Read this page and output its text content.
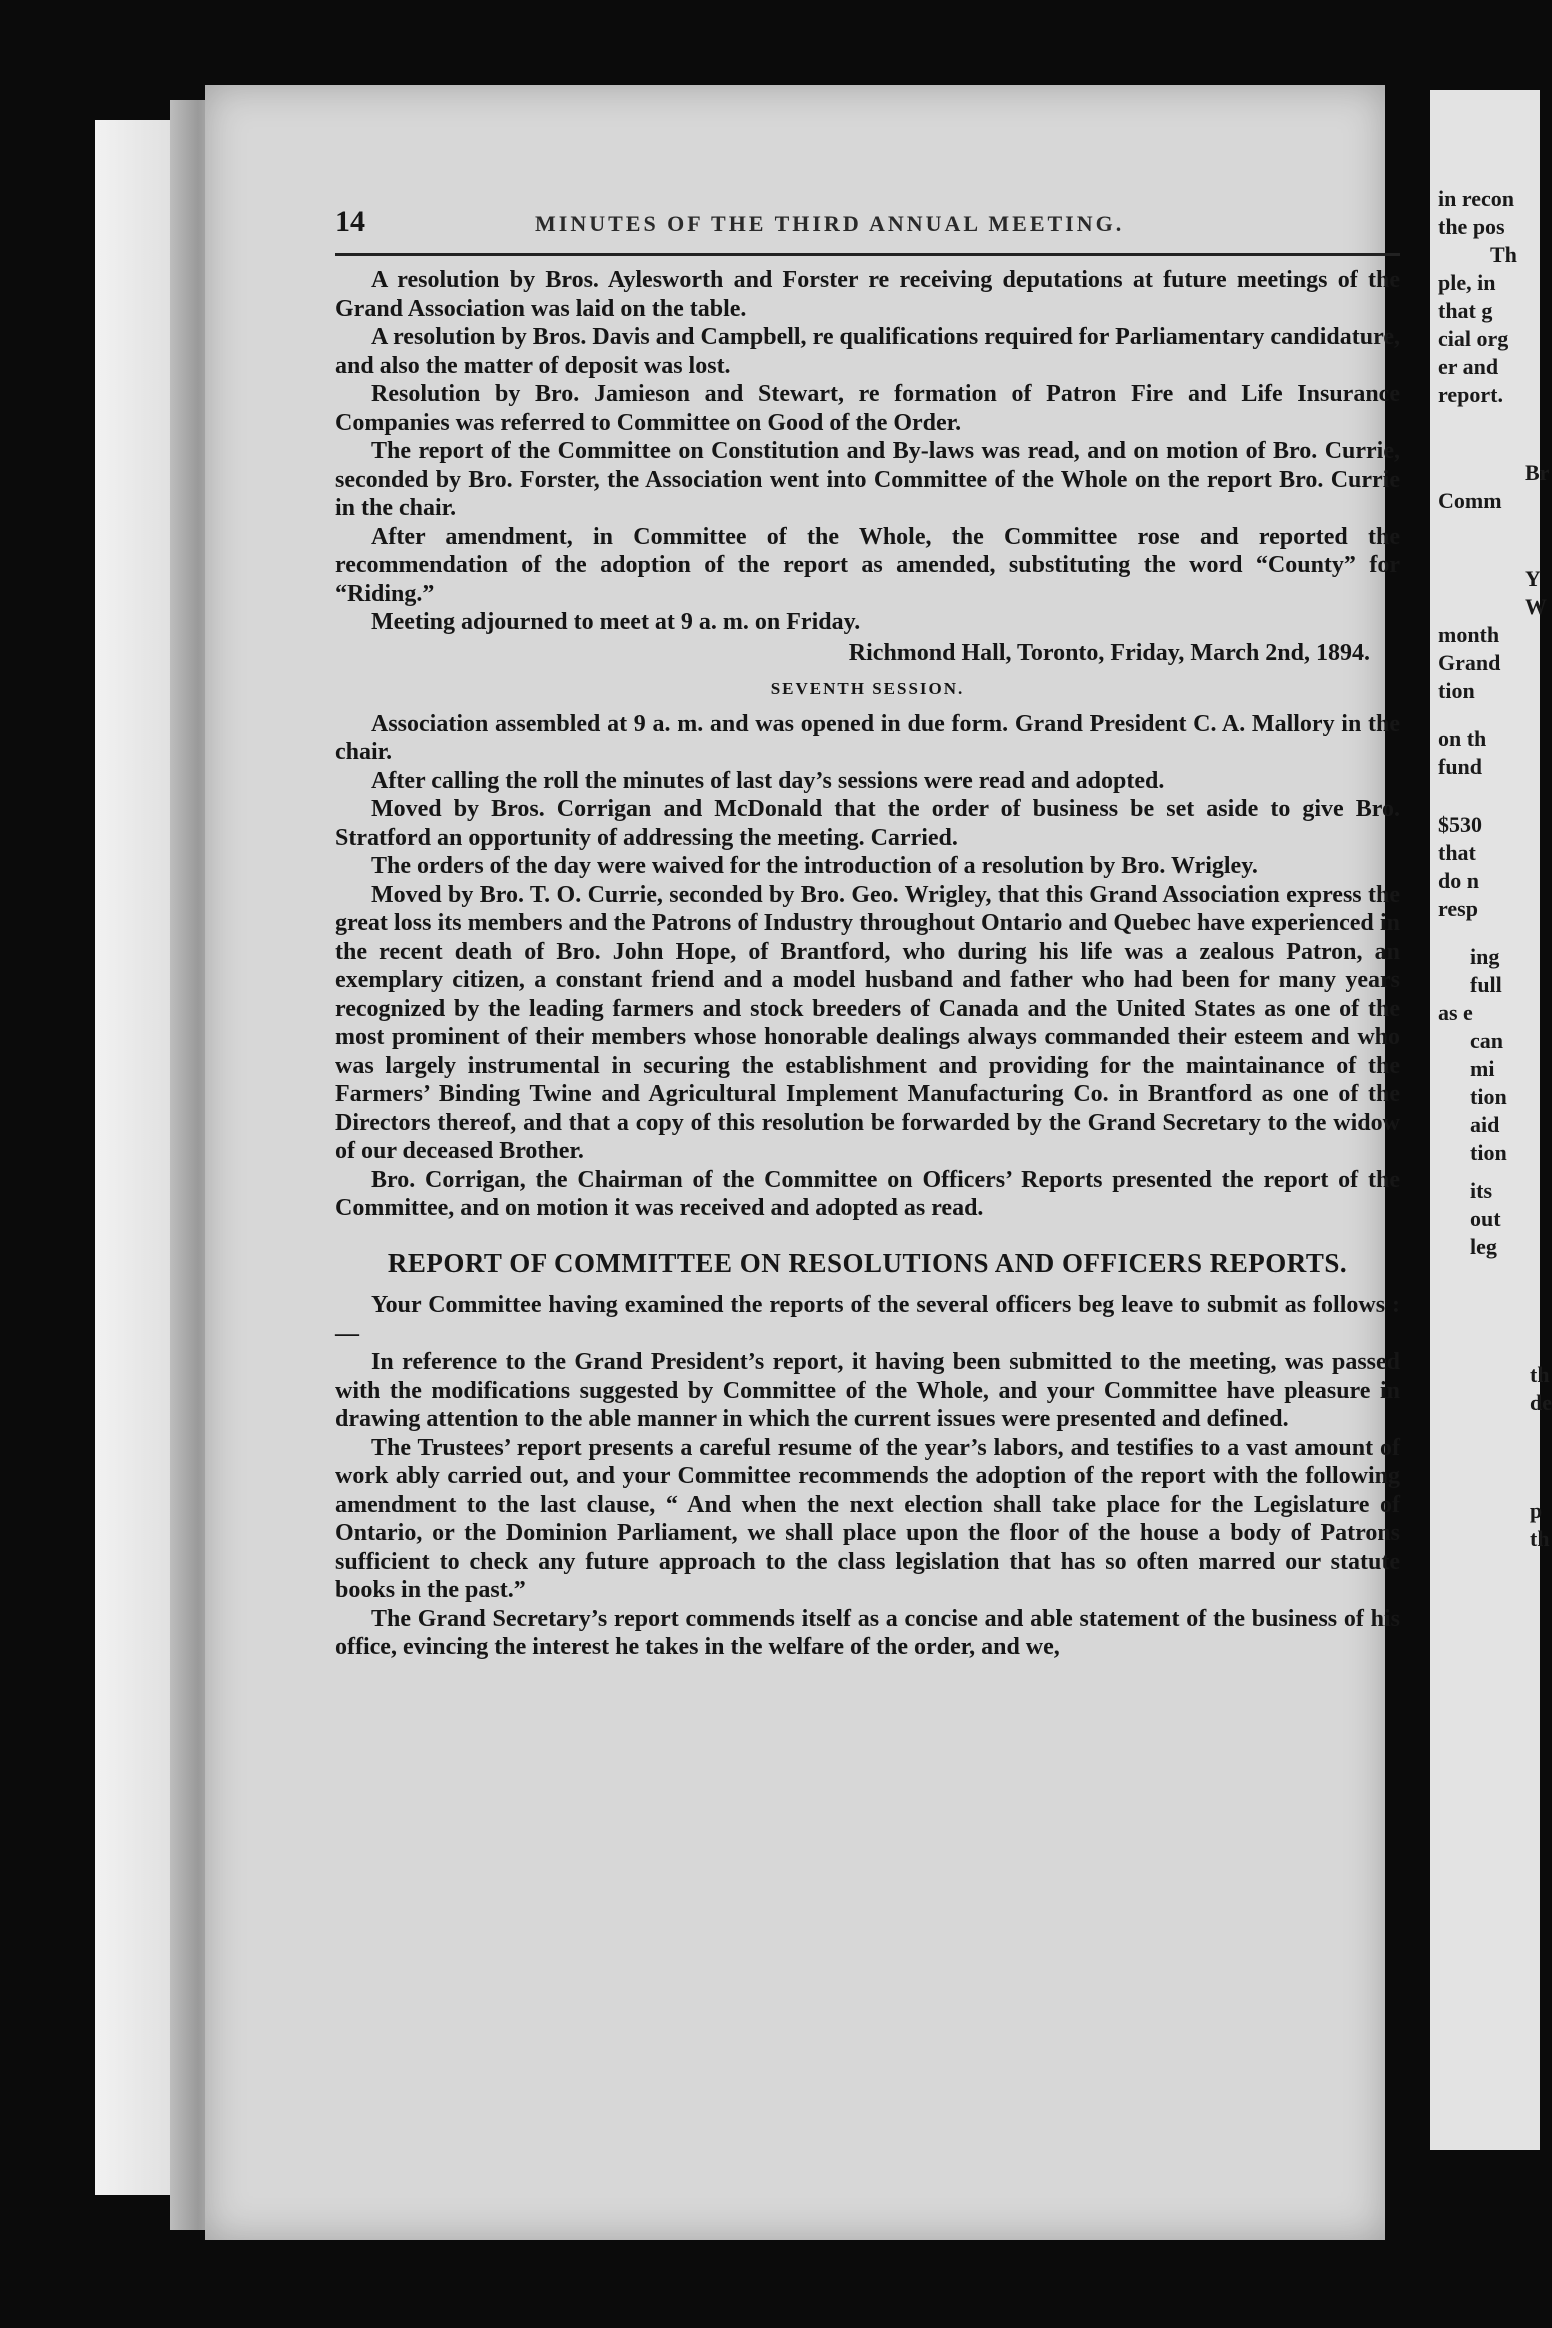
in recon
the pos
Th
ple, in
that g
cial org
er and
report.
Br
Comm
Y
W
month
Grand
tion
on th
fund
$530
that
do n
resp
ing
full
as e
can
mi
tion
aid
tion
its
out
leg
th
de
p
th
14	MINUTES OF THE THIRD ANNUAL MEETING.

A resolution by Bros. Aylesworth and Forster re receiving deputations at future meetings of the Grand Association was laid on the table.

A resolution by Bros. Davis and Campbell, re qualifications required for Parliamentary candidature, and also the matter of deposit was lost.

Resolution by Bro. Jamieson and Stewart, re formation of Patron Fire and Life Insurance Companies was referred to Committee on Good of the Order.

The report of the Committee on Constitution and By-laws was read, and on motion of Bro. Currie, seconded by Bro. Forster, the Association went into Committee of the Whole on the report Bro. Currie in the chair.

After amendment, in Committee of the Whole, the Committee rose and reported the recommendation of the adoption of the report as amended, substituting the word “County” for “Riding.”

Meeting adjourned to meet at 9 a. m. on Friday.

Richmond Hall, Toronto, Friday, March 2nd, 1894.

SEVENTH SESSION.

Association assembled at 9 a. m. and was opened in due form. Grand President C. A. Mallory in the chair.

After calling the roll the minutes of last day’s sessions were read and adopted.

Moved by Bros. Corrigan and McDonald that the order of business be set aside to give Bro. Stratford an opportunity of addressing the meeting. Carried.

The orders of the day were waived for the introduction of a resolution by Bro. Wrigley.

Moved by Bro. T. O. Currie, seconded by Bro. Geo. Wrigley, that this Grand Association express the great loss its members and the Patrons of Industry throughout Ontario and Quebec have experienced in the recent death of Bro. John Hope, of Brantford, who during his life was a zealous Patron, an exemplary citizen, a constant friend and a model husband and father who had been for many years recognized by the leading farmers and stock breeders of Canada and the United States as one of the most prominent of their members whose honorable dealings always commanded their esteem and who was largely instrumental in securing the establishment and providing for the maintainance of the Farmers’ Binding Twine and Agricultural Implement Manufacturing Co. in Brantford as one of the Directors thereof, and that a copy of this resolution be forwarded by the Grand Secretary to the widow of our deceased Brother.

Bro. Corrigan, the Chairman of the Committee on Officers’ Reports presented the report of the Committee, and on motion it was received and adopted as read.

REPORT OF COMMITTEE ON RESOLUTIONS AND OFFICERS REPORTS.

Your Committee having examined the reports of the several officers beg leave to submit as follows :—

In reference to the Grand President’s report, it having been submitted to the meeting, was passed with the modifications suggested by Committee of the Whole, and your Committee have pleasure in drawing attention to the able manner in which the current issues were presented and defined.

The Trustees’ report presents a careful resume of the year’s labors, and testifies to a vast amount of work ably carried out, and your Committee recommends the adoption of the report with the following amendment to the last clause, “ And when the next election shall take place for the Legislature of Ontario, or the Dominion Parliament, we shall place upon the floor of the house a body of Patrons sufficient to check any future approach to the class legislation that has so often marred our statute books in the past.”

The Grand Secretary’s report commends itself as a concise and able statement of the business of his office, evincing the interest he takes in the welfare of the order, and we,
